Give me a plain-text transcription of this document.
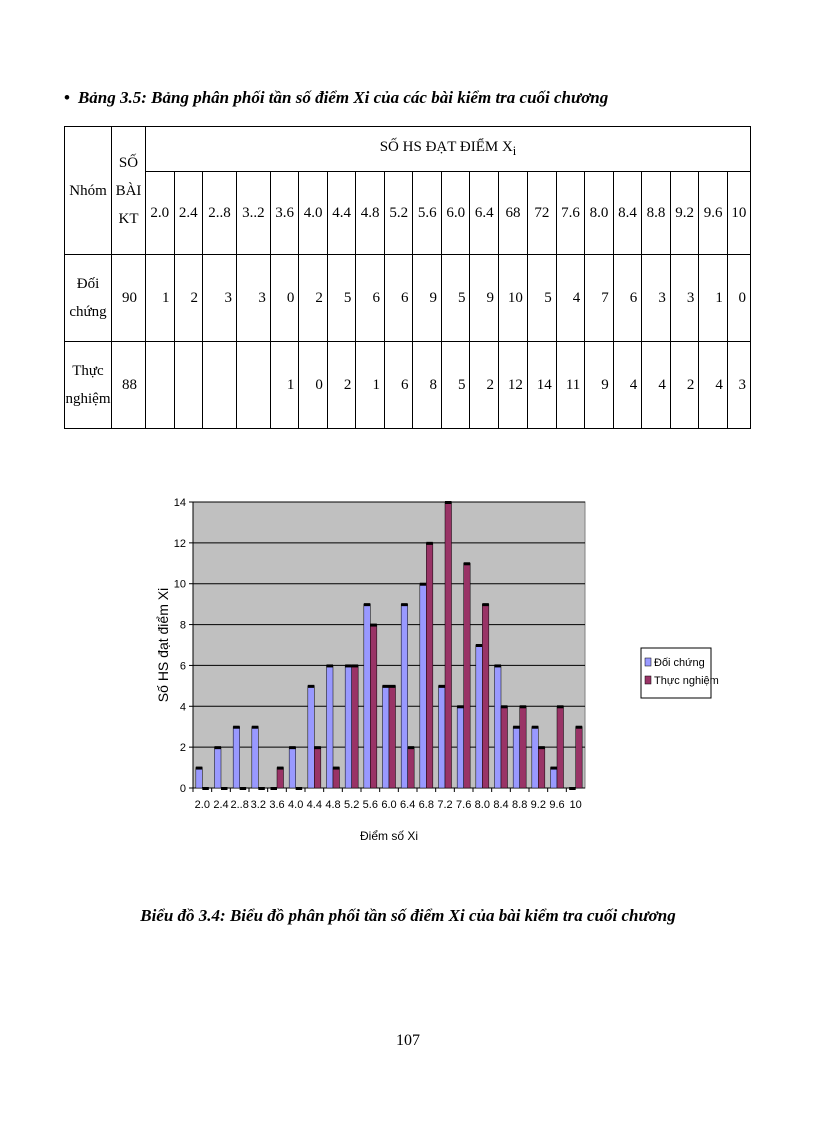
• Bảng 3.5: Bảng phân phối tần số điểm Xi của các bài kiểm tra cuối chương
Nhóm	SỐ
BÀI
KT	SỐ HS ĐẠT ĐIỂM $X_i$
		2.0	2.4	2..8	3..2	3.6	4.0	4.4	4.8	5.2	5.6	6.0	6.4	68	72	7.6	8.0	8.4	8.8	9.2	9.6	10

Đối
chứng	90	1	2	3	3	0	2	5	6	6	9	5	9	10	5	4	7	6	3	3	1	0

Thực
nghiệm	88					1	0	2	1	6	8	5	2	12	14	11	9	4	4	2	4	3
0
2
4
6
8
10
12
14
2.0 2.4 2..8 3.2 3.6 4.0 4.4 4.8 5.2 5.6 6.0 6.4 6.8 7.2 7.6 8.0 8.4 8.8 9.2 9.6 10
Điểm số Xi
Số HS đạt điểm Xi	Đối chứng
Thực nghiệm
Biểu đồ 3.4: Biểu đồ phân phối tần số điểm Xi của bài kiểm tra cuối chương
107
